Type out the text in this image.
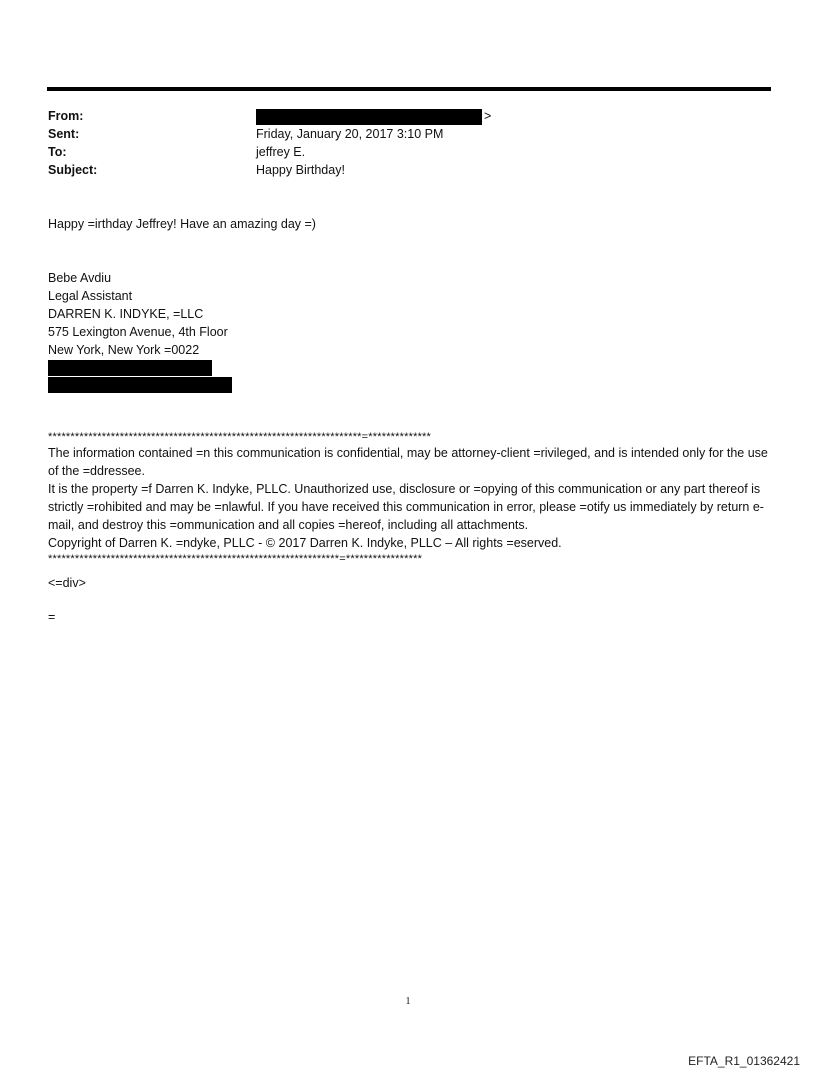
From:	>
Sent:	Friday, January 20, 2017 3:10 PM
To:	jeffrey E.
Subject:	Happy Birthday!
Happy =irthday Jeffrey! Have an amazing day =)
Bebe Avdiu
Legal Assistant
DARREN K. INDYKE, =LLC
575 Lexington Avenue, 4th Floor
New York, New York =0022
**********************************************************************=**************

The information contained =n this communication is confidential, may be attorney-client =rivileged, and is intended only for the use of the =ddressee.

It is the property =f Darren K. Indyke, PLLC. Unauthorized use, disclosure or =opying of this communication or any part thereof is strictly =rohibited and may be =nlawful. If you have received this communication in error, please =otify us immediately by return e-mail, and destroy this =ommunication and all copies =hereof, including all attachments.

Copyright of Darren K. =ndyke, PLLC - © 2017 Darren K. Indyke, PLLC – All rights =eserved.

*****************************************************************=*****************
<=div>
=
1
EFTA_R1_01362421
